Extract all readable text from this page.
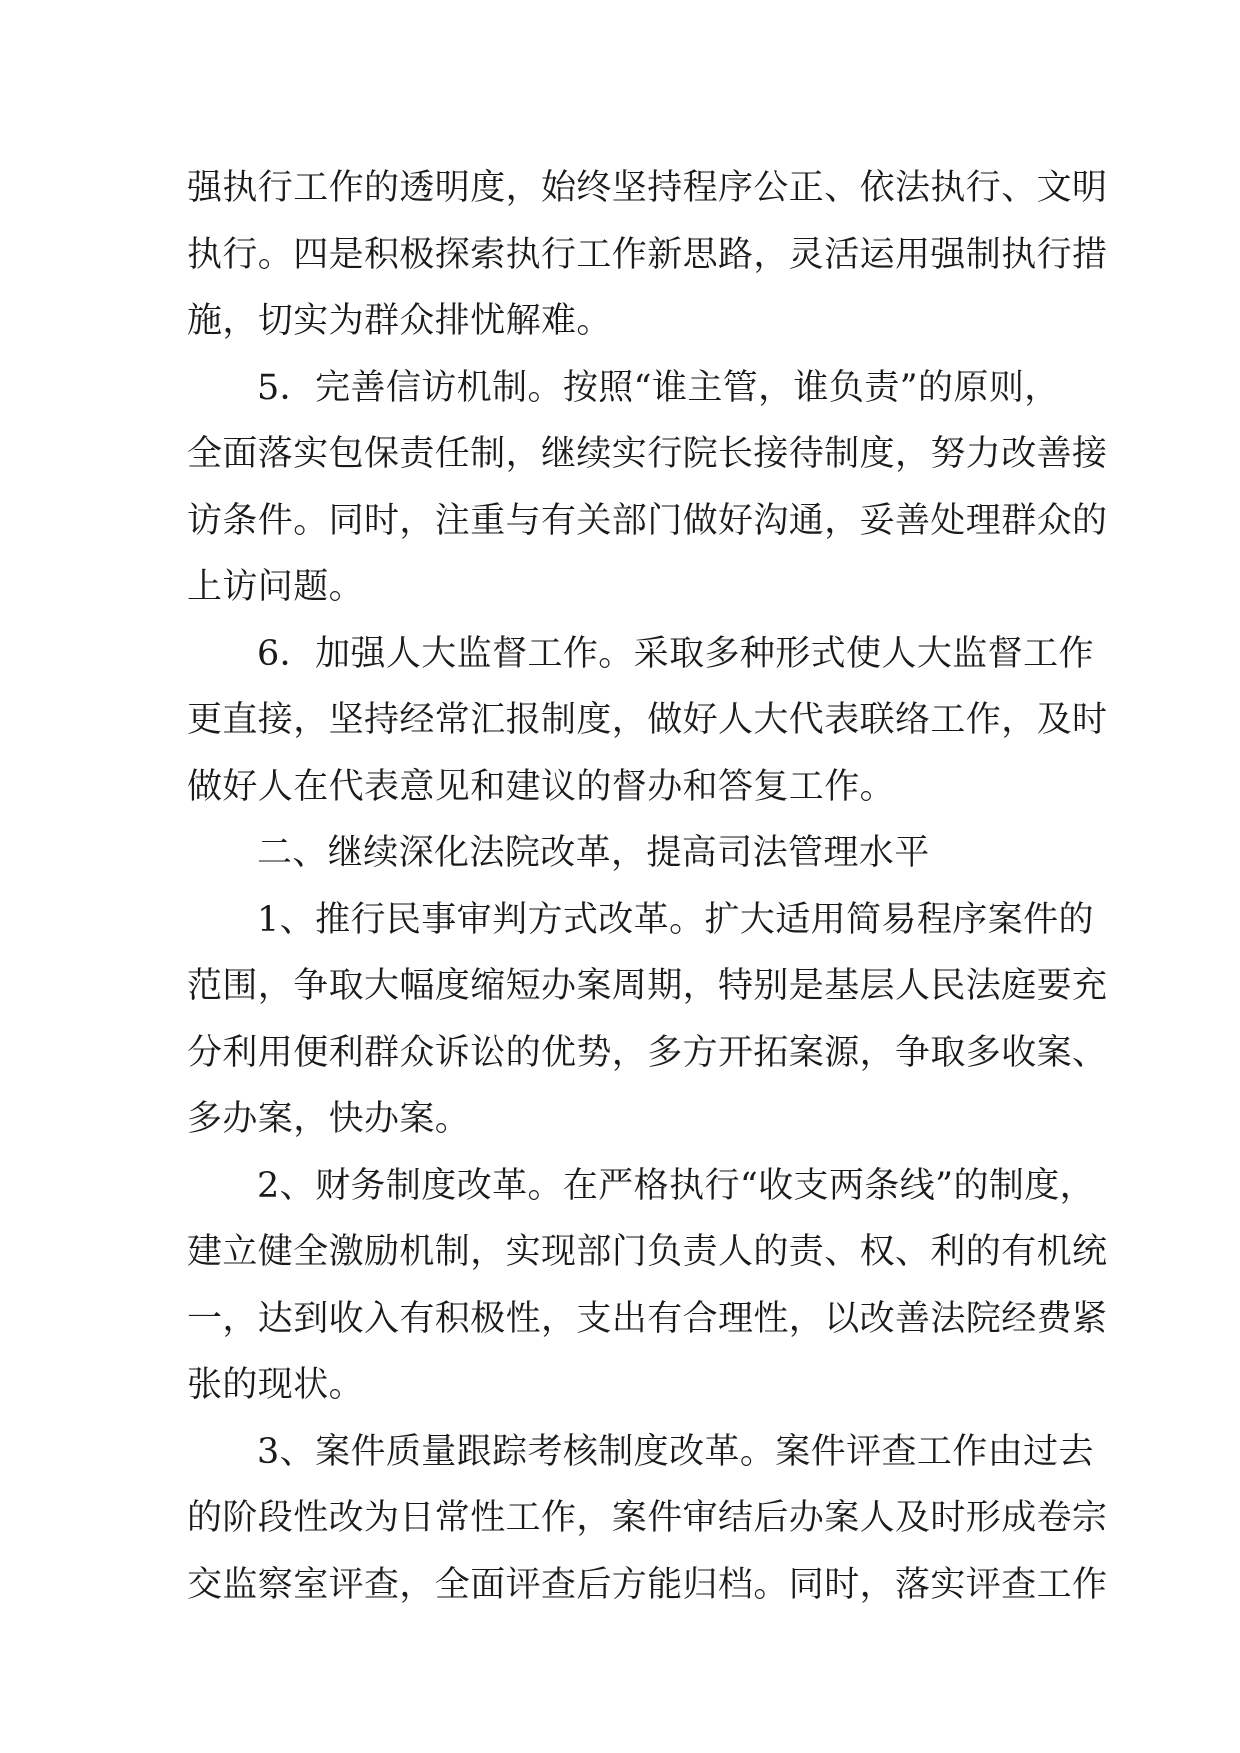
强执行工作的透明度，始终坚持程序公正、依法执行、文明
执行。四是积极探索执行工作新思路，灵活运用强制执行措
施，切实为群众排忧解难。
5．完善信访机制。按照“谁主管，谁负责”的原则，
全面落实包保责任制，继续实行院长接待制度，努力改善接
访条件。同时，注重与有关部门做好沟通，妥善处理群众的
上访问题。
6．加强人大监督工作。采取多种形式使人大监督工作
更直接，坚持经常汇报制度，做好人大代表联络工作，及时
做好人在代表意见和建议的督办和答复工作。
二、继续深化法院改革，提高司法管理水平
1、推行民事审判方式改革。扩大适用简易程序案件的
范围，争取大幅度缩短办案周期，特别是基层人民法庭要充
分利用便利群众诉讼的优势，多方开拓案源，争取多收案、
多办案，快办案。
2、财务制度改革。在严格执行“收支两条线”的制度，
建立健全激励机制，实现部门负责人的责、权、利的有机统
一，达到收入有积极性，支出有合理性，以改善法院经费紧
张的现状。
3、案件质量跟踪考核制度改革。案件评查工作由过去
的阶段性改为日常性工作，案件审结后办案人及时形成卷宗
交监察室评查，全面评查后方能归档。同时，落实评查工作
